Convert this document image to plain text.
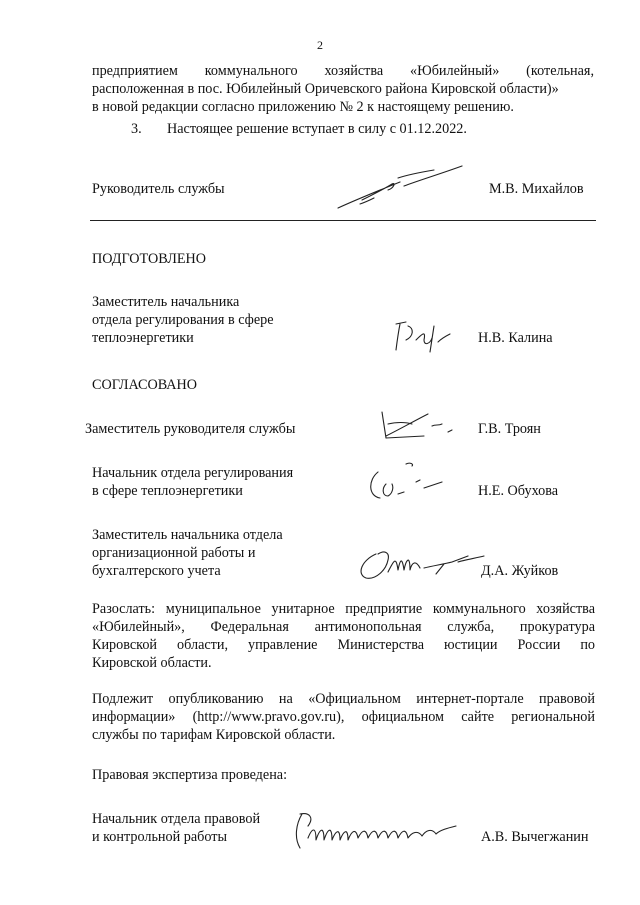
2
предприятием коммунального хозяйства «Юбилейный» (котельная,
расположенная в пос. Юбилейный Оричевского района Кировской области)»
в новой редакции согласно приложению № 2 к настоящему решению.
3. Настоящее решение вступает в силу с 01.12.2022.
Руководитель службы	М.В. Михайлов
ПОДГОТОВЛЕНО
Заместитель начальника
отдела регулирования в сфере
теплоэнергетики	Н.В. Калина
СОГЛАСОВАНО
Заместитель руководителя службы	Г.В. Троян
Начальник отдела регулирования
в сфере теплоэнергетики	Н.Е. Обухова
Заместитель начальника отдела
организационной работы и
бухгалтерского учета	Д.А. Жуйков
Разослать: муниципальное унитарное предприятие коммунального хозяйства
«Юбилейный», Федеральная антимонопольная служба, прокуратура
Кировской области, управление Министерства юстиции России по
Кировской области.
Подлежит опубликованию на «Официальном интернет-портале правовой
информации» (http://www.pravo.gov.ru), официальном сайте региональной
службы по тарифам Кировской области.
Правовая экспертиза проведена:
Начальник отдела правовой
и контрольной работы	А.В. Вычегжанин
